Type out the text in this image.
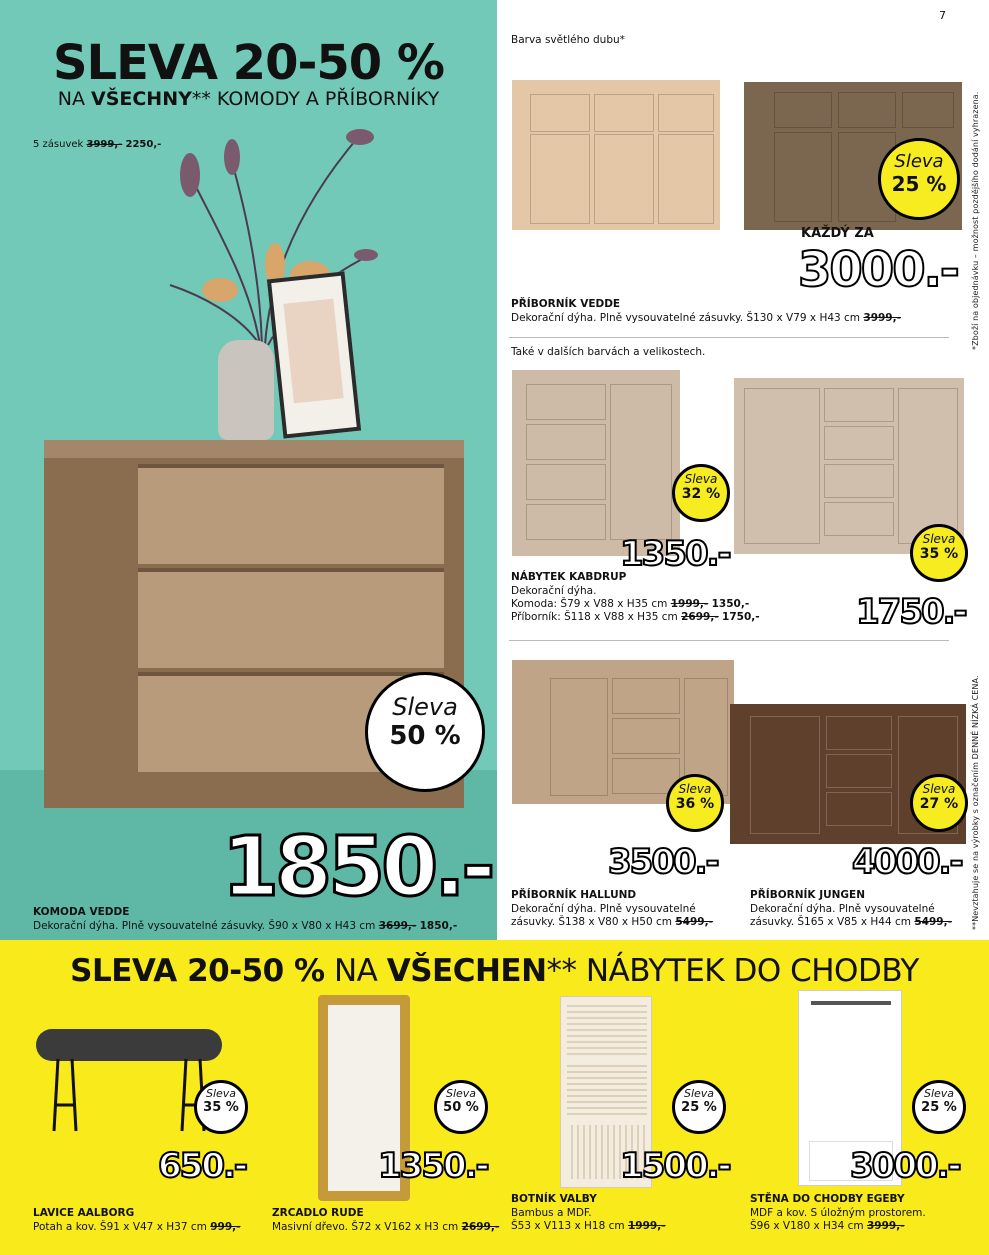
7
*Zboží na objednávku – možnost pozdějšího dodání vyhrazena.
**Nevztahuje se na výrobky s označením DENNĚ NÍZKÁ CENA.
SLEVA 20-50 %
NA VŠECHNY** KOMODY A PŘÍBORNÍKY
5 zásuvek 3999,- 2250,-
Sleva
50 %
1850.-
KOMODA VEDDE
Dekorační dýha. Plně vysouvatelné zásuvky. Š90 x V80 x H43 cm 3699,- 1850,-
Barva světlého dubu*
Sleva
25 %
KAŽDÝ ZA
3000.-
PŘÍBORNÍK VEDDE
Dekorační dýha. Plně vysouvatelné zásuvky. Š130 x V79 x H43 cm 3999,-
Také v dalších barvách a velikostech.
Sleva
32 %
1350.-	Sleva
35 %
1750.-
NÁBYTEK KABDRUP
Dekorační dýha.
Komoda: Š79 x V88 x H35 cm 1999,- 1350,-
Příborník: Š118 x V88 x H35 cm 2699,- 1750,-
Sleva
36 %
3500.-
Sleva
27 %
4000.-
PŘÍBORNÍK HALLUND
Dekorační dýha. Plně vysouvatelné
zásuvky. Š138 x V80 x H50 cm 5499,-
PŘÍBORNÍK JUNGEN
Dekorační dýha. Plně vysouvatelné
zásuvky. Š165 x V85 x H44 cm 5499,-
SLEVA 20-50 % NA VŠECHEN** NÁBYTEK DO CHODBY
Sleva
35 %
650.-
Sleva
50 %
1350.-
Sleva
25 %
1500.-
Sleva
25 %
3000.-
LAVICE AALBORG
Potah a kov. Š91 x V47 x H37 cm 999,-
ZRCADLO RUDE
Masivní dřevo. Š72 x V162 x H3 cm 2699,-
BOTNÍK VALBY
Bambus a MDF.
Š53 x V113 x H18 cm 1999,-
STĚNA DO CHODBY EGEBY
MDF a kov. S úložným prostorem.
Š96 x V180 x H34 cm 3999,-
